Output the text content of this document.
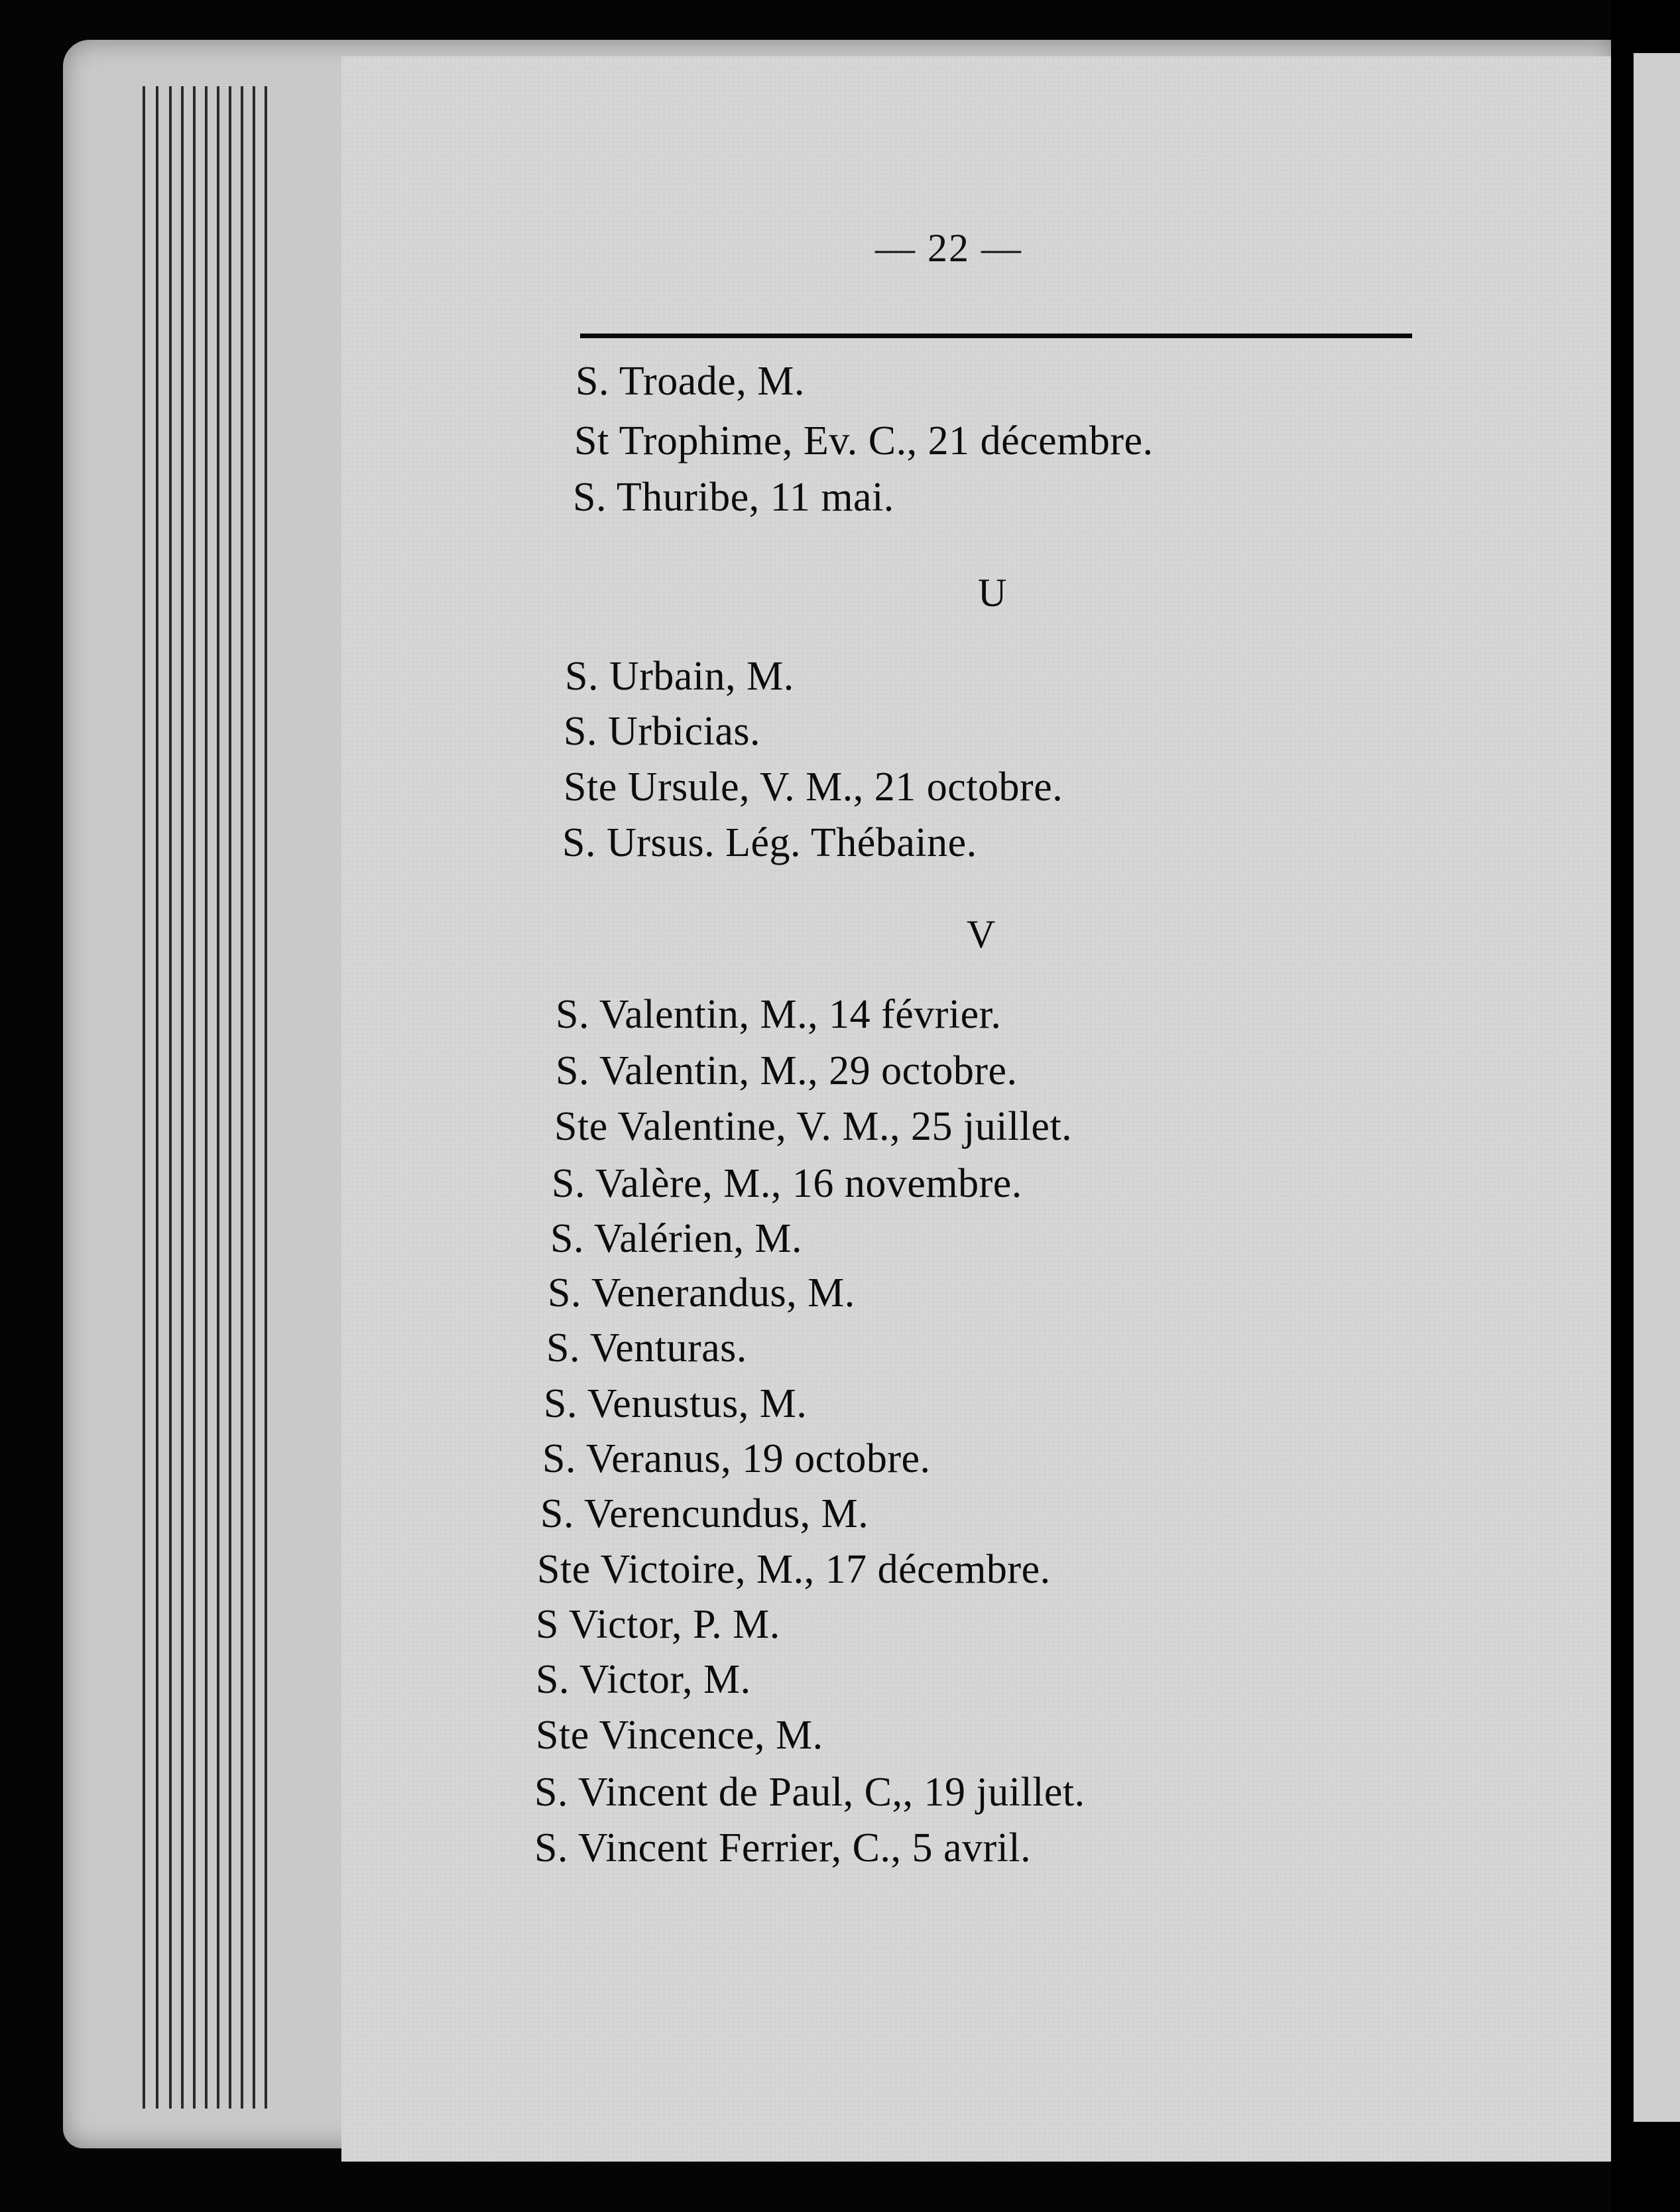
— 22 —
S. Troade, M.
St Trophime, Ev. C., 21 décembre.
S. Thuribe, 11 mai.
U
S. Urbain, M.
S. Urbicias.
Ste Ursule, V. M., 21 octobre.
S. Ursus. Lég. Thébaine.
V
S. Valentin, M., 14 février.
S. Valentin, M., 29 octobre.
Ste Valentine, V. M., 25 juillet.
S. Valère, M., 16 novembre.
S. Valérien, M.
S. Venerandus, M.
S. Venturas.
S. Venustus, M.
S. Veranus, 19 octobre.
S. Verencundus, M.
Ste Victoire, M., 17 décembre.
S Victor, P. M.
S. Victor, M.
Ste Vincence, M.
S. Vincent de Paul, C,, 19 juillet.
S. Vincent Ferrier, C., 5 avril.
